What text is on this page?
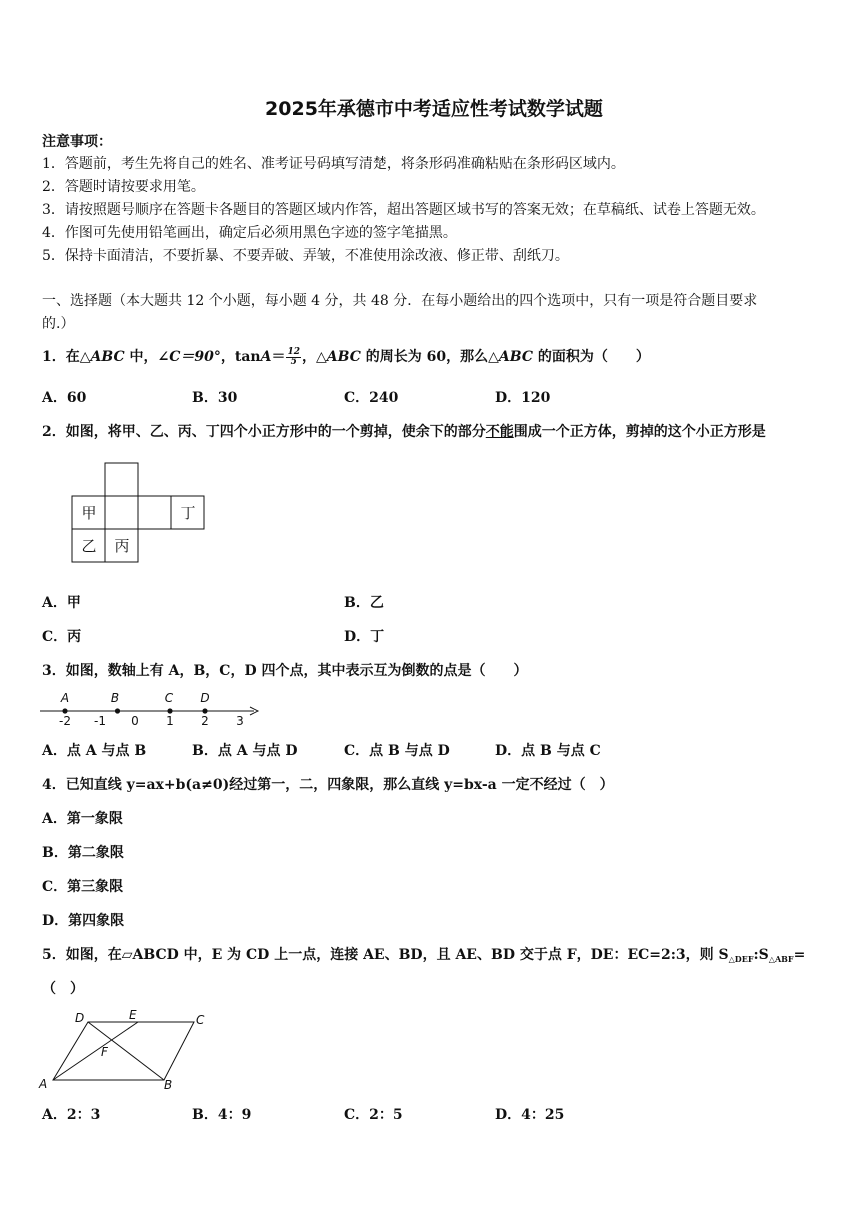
2025年承德市中考适应性考试数学试题
注意事项：
1．答题前，考生先将自己的姓名、准考证号码填写清楚，将条形码准确粘贴在条形码区域内。
2．答题时请按要求用笔。
3．请按照题号顺序在答题卡各题目的答题区域内作答，超出答题区域书写的答案无效；在草稿纸、试卷上答题无效。
4．作图可先使用铅笔画出，确定后必须用黑色字迹的签字笔描黑。
5．保持卡面清洁，不要折暴、不要弄破、弄皱，不准使用涂改液、修正带、刮纸刀。
一、选择题（本大题共 12 个小题，每小题 4 分，共 48 分．在每小题给出的四个选项中，只有一项是符合题目要求
的.）
1．在△ABC 中，∠C＝90°，$\tan A= \frac{12}{5}$ ，△ABC 的周长为 60，那么△ABC 的面积为（　　）
A．60	B．30	C．240	D．120
2．如图，将甲、乙、丙、丁四个小正方形中的一个剪掉，使余下的部分不能围成一个正方体，剪掉的这个小正方形是
甲	丁
乙 丙
A．甲	B．乙
C．丙	D．丁
3．如图，数轴上有 A，B，C，D 四个点，其中表示互为倒数的点是（　　）
-2 -1 0 1 2 3
A	B	C D
A．点 A 与点 B	B．点 A 与点 D	C．点 B 与点 D	D．点 B 与点 C
4．已知直线 y=ax+b(a≠0)经过第一，二，四象限，那么直线 y=bx-a 一定不经过（　）
A．第一象限
B．第二象限
C．第三象限
D．第四象限
5．如图，在▱ABCD 中，E 为 CD 上一点，连接 AE、BD，且 AE、BD 交于点 F，DE：EC=2:3，则 $S_{\triangle DEF}:S_{\triangle ABF}=$
（　）
D	E	C
F
A	B
A．2：3	B．4：9	C．2：5	D．4：25
